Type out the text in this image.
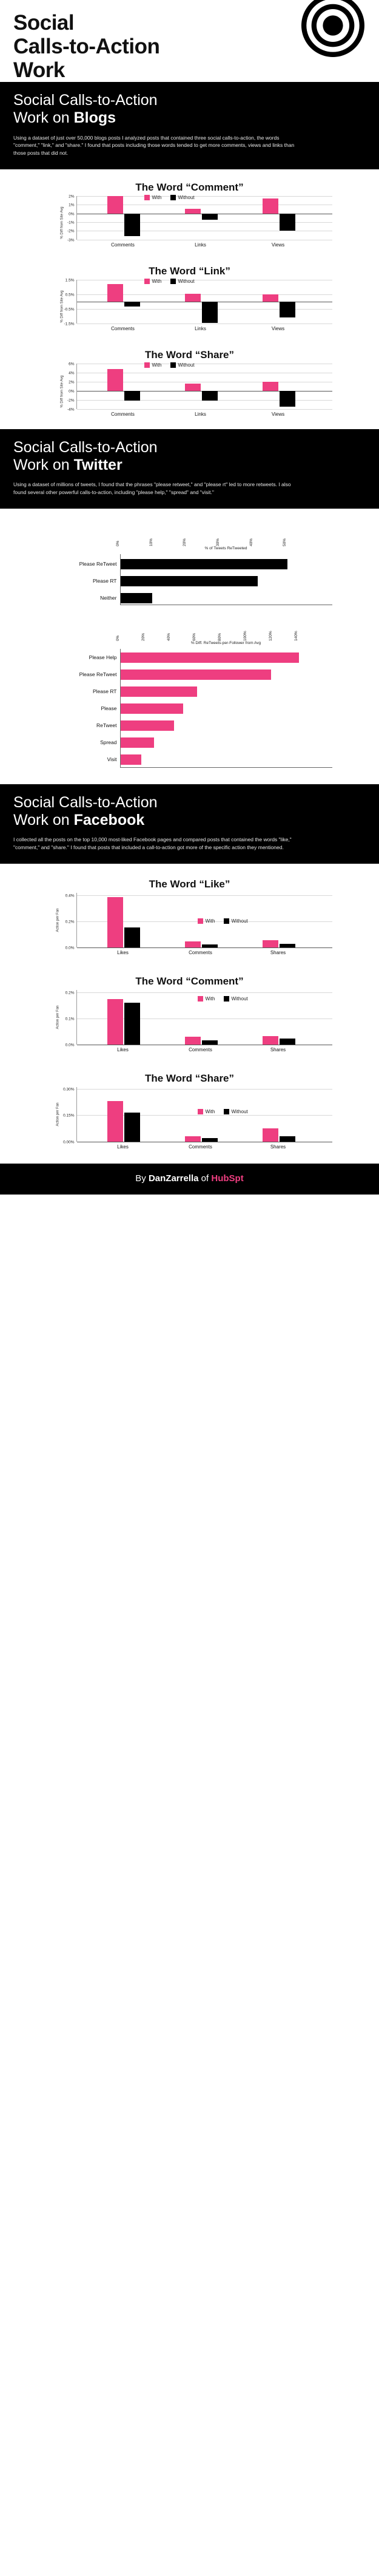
Social
Calls-to-Action
Work
Social Calls-to-Action
Work on Blogs

Using a dataset of just over 50,000 blogs posts I analyzed posts that contained three social calls-to-action, the words "comment," "link," and "share." I found that posts including those words tended to get more comments, views and links than those posts that did not.

The Word “Comment”
With	Without
% Diff from Site Avg
2%
1%
0%
-1%
-2%
-3%
Comments	Links	Views
The Word “Link”
With	Without
% Diff from Site Avg
1.5%
0.5%
-0.5%
-1.5%
Comments	Links	Views
The Word “Share”
With	Without
% Diff from Site Avg
6%
4%
2%
0%
-2%
-4%
Comments	Links	Views
Social Calls-to-Action
Work on Twitter

Using a dataset of millions of tweets, I found that the phrases "please retweet," and "please rt" led to more retweets. I also found several other powerful calls-to-action, including "please help," "spread" and "visit."

0%	10%	20%	30%	40%	50%
% of Tweets ReTweeted
Please ReTweet
Please RT
Neither
0%	20%	40%	60%	80%	100%	120%	140%
% Diff. ReTweets-per-Follower from Avg
Please Help
Please ReTweet
Please RT
Please
ReTweet
Spread
Visit
Social Calls-to-Action
Work on Facebook

I collected all the posts on the top 10,000 most-liked Facebook pages and compared posts that contained the words "like," "comment," and "share." I found that posts that included a call-to-action got more of the specific action they mentioned.

The Word “Like”
With	Without
Action per Fan
0.4%
0.2%
0.0%
Likes	Comments	Shares
The Word “Comment”
With	Without
Action per Fan
0.2%
0.1%
0.0%
Likes	Comments	Shares
The Word “Share”
With	Without
Action per Fan
0.30%
0.15%
0.00%
Likes	Comments	Shares
By DanZarrella of HubSpt
